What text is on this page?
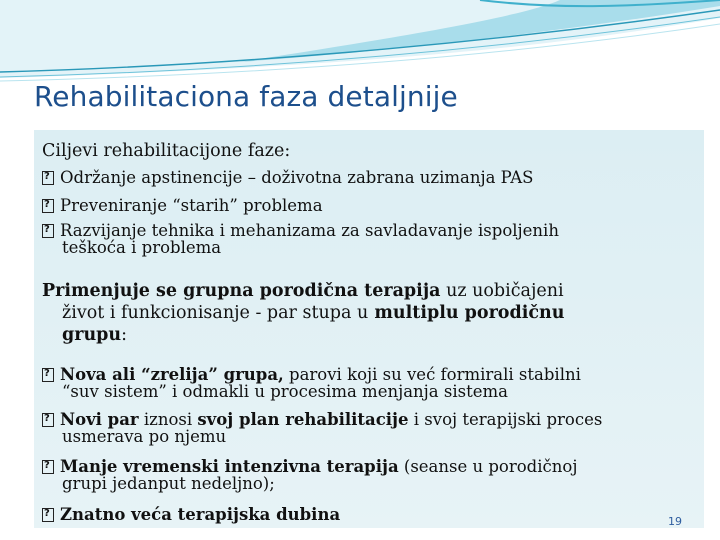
Rehabilitaciona faza detaljnije
Ciljevi rehabilitacijone faze:
?Održanje apstinencije – doživotna zabrana uzimanja PAS
?Preveniranje “starih” problema
?Razvijanje tehnika i mehanizama za savladavanje ispoljenih
teškoća i problema
Primenjuje se grupna porodična terapija uz uobičajeni
život i funkcionisanje - par stupa u multiplu porodičnu
grupu:
?Nova ali “zrelija” grupa, parovi koji su već formirali stabilni
“suv sistem” i odmakli u procesima menjanja sistema
?Novi par iznosi svoj plan rehabilitacije i svoj terapijski proces
usmerava po njemu
?Manje vremenski intenzivna terapija (seanse u porodičnoj
grupi jedanput nedeljno);
?Znatno veća terapijska dubina	19
